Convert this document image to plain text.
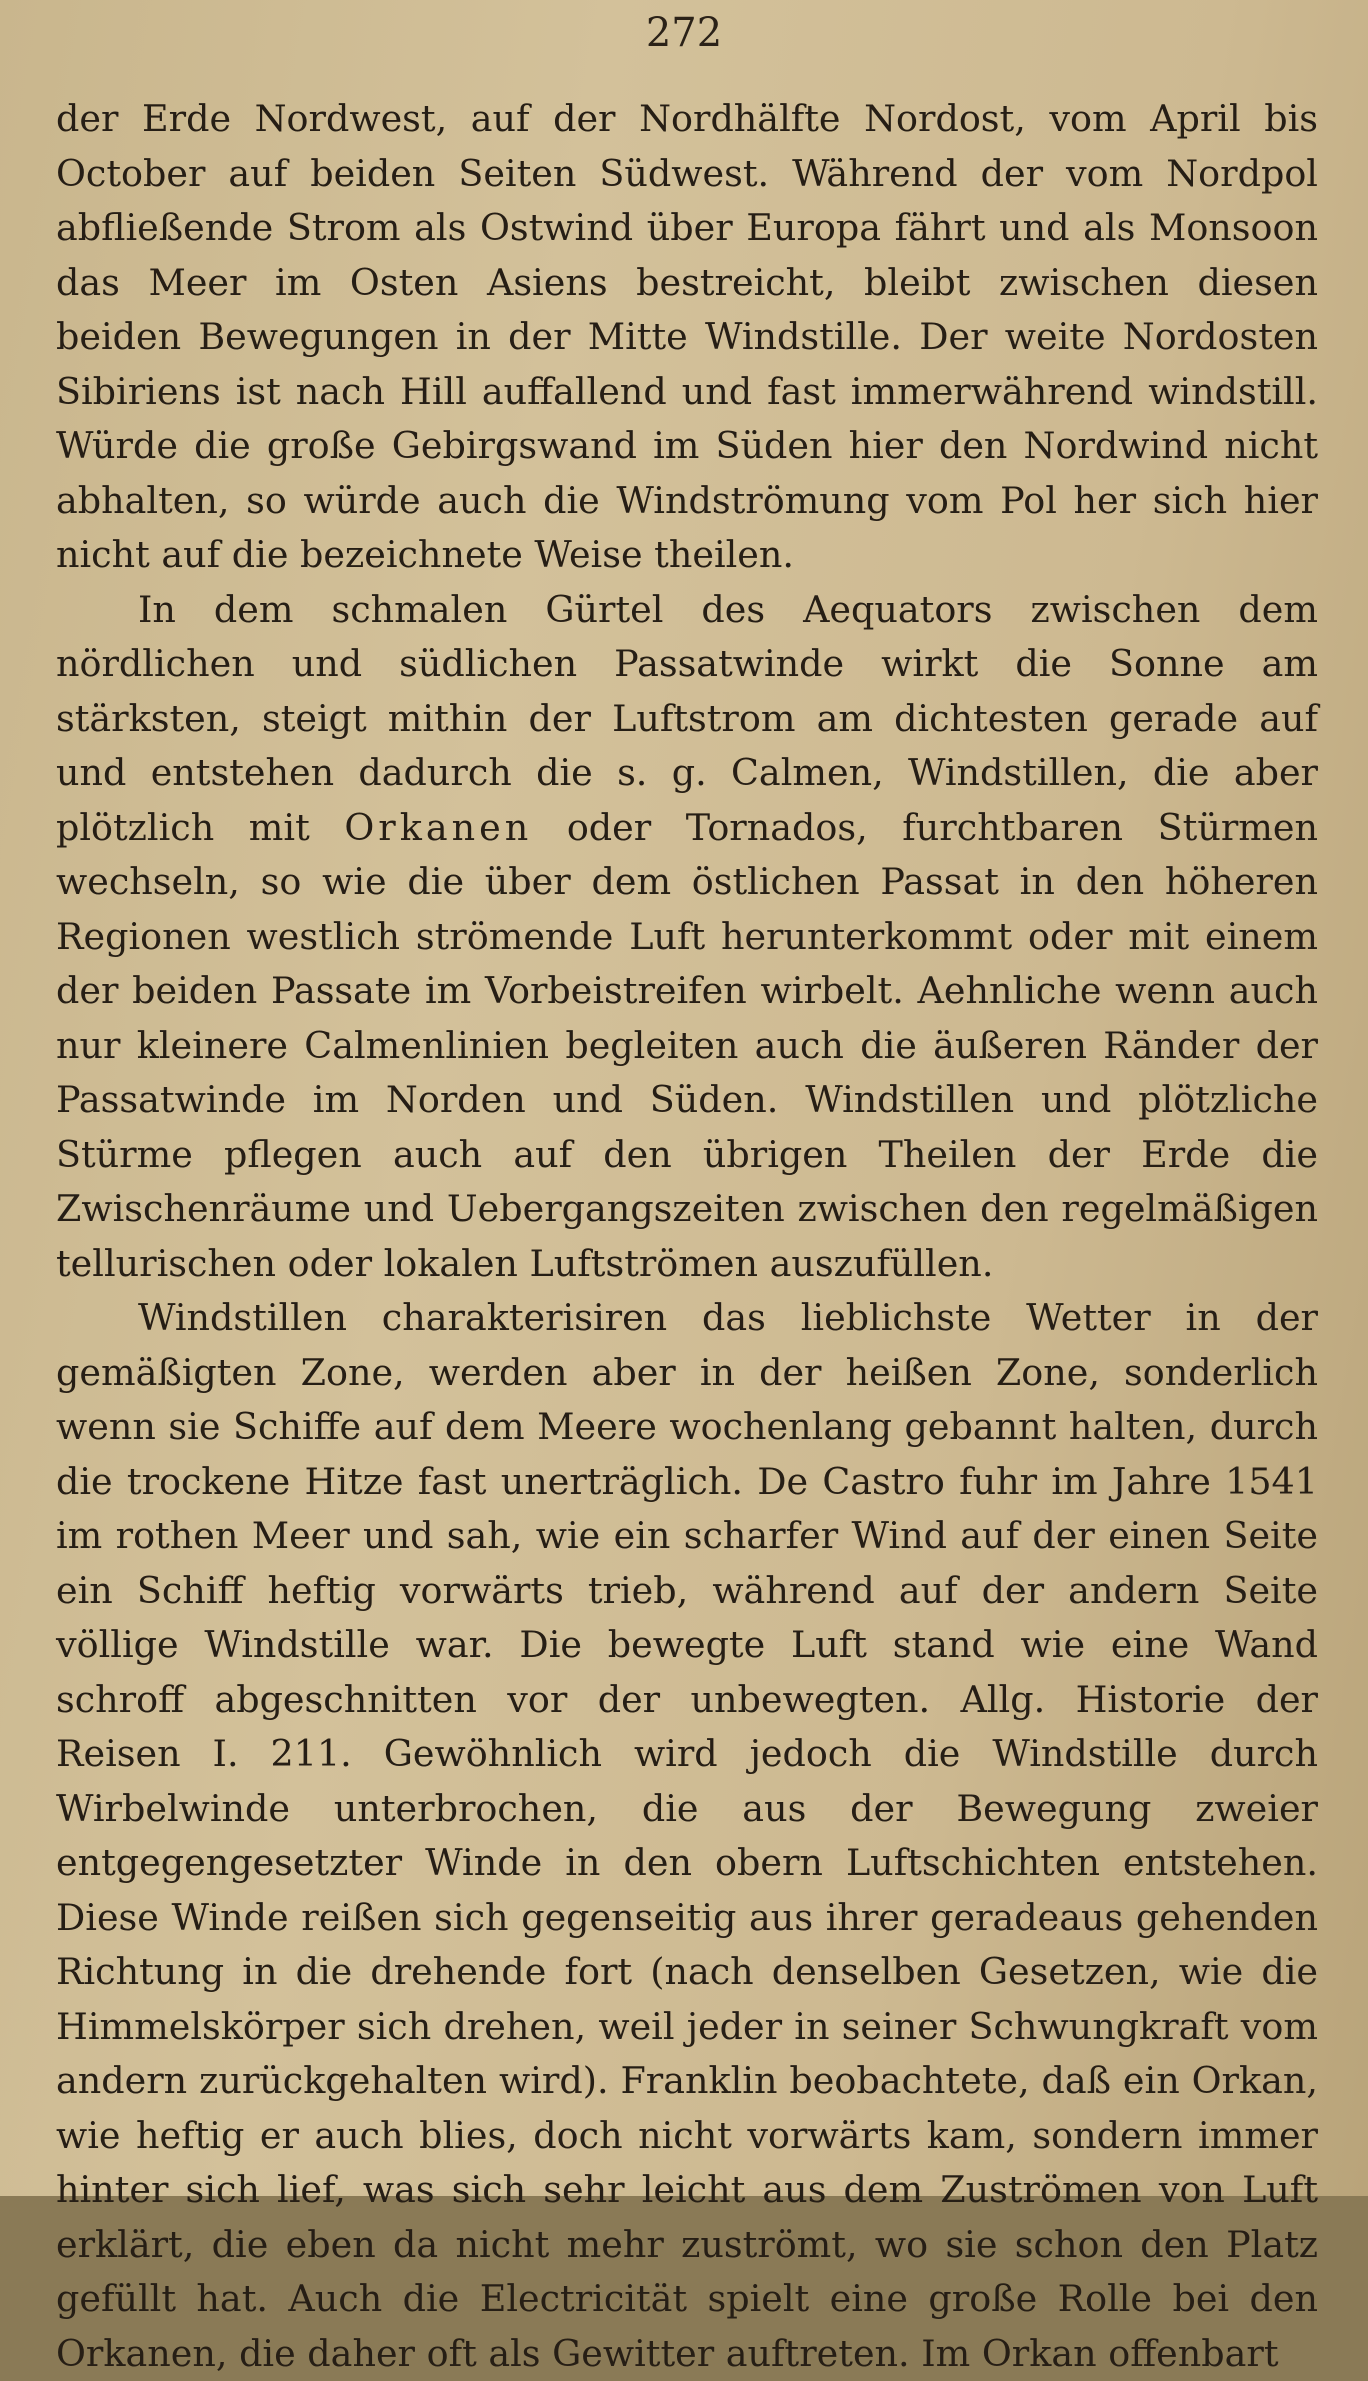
272

der Erde Nordwest, auf der Nordhälfte Nordost, vom April bis October auf beiden Seiten Südwest. Während der vom Nordpol abfließende Strom als Ostwind über Europa fährt und als Monsoon das Meer im Osten Asiens bestreicht, bleibt zwischen diesen beiden Bewegungen in der Mitte Windstille. Der weite Nordosten Sibiriens ist nach Hill auffallend und fast immerwährend windstill. Würde die große Gebirgswand im Süden hier den Nordwind nicht abhalten, so würde auch die Windströmung vom Pol her sich hier nicht auf die bezeichnete Weise theilen.

In dem schmalen Gürtel des Aequators zwischen dem nördlichen und südlichen Passatwinde wirkt die Sonne am stärksten, steigt mithin der Luftstrom am dichtesten gerade auf und entstehen dadurch die s. g. Calmen, Windstillen, die aber plötzlich mit Orkanen oder Tornados, furchtbaren Stürmen wechseln, so wie die über dem östlichen Passat in den höheren Regionen westlich strömende Luft herunterkommt oder mit einem der beiden Passate im Vorbeistreifen wirbelt. Aehnliche wenn auch nur kleinere Calmenlinien begleiten auch die äußeren Ränder der Passatwinde im Norden und Süden. Windstillen und plötzliche Stürme pflegen auch auf den übrigen Theilen der Erde die Zwischenräume und Uebergangszeiten zwischen den regelmäßigen tellurischen oder lokalen Luftströmen auszufüllen.

Windstillen charakterisiren das lieblichste Wetter in der gemäßigten Zone, werden aber in der heißen Zone, sonderlich wenn sie Schiffe auf dem Meere wochenlang gebannt halten, durch die trockene Hitze fast unerträglich. De Castro fuhr im Jahre 1541 im rothen Meer und sah, wie ein scharfer Wind auf der einen Seite ein Schiff heftig vorwärts trieb, während auf der andern Seite völlige Windstille war. Die bewegte Luft stand wie eine Wand schroff abgeschnitten vor der unbewegten. Allg. Historie der Reisen I. 211. Gewöhnlich wird jedoch die Windstille durch Wirbelwinde unterbrochen, die aus der Bewegung zweier entgegengesetzter Winde in den obern Luftschichten entstehen. Diese Winde reißen sich gegenseitig aus ihrer geradeaus gehenden Richtung in die drehende fort (nach denselben Gesetzen, wie die Himmelskörper sich drehen, weil jeder in seiner Schwungkraft vom andern zurückgehalten wird). Franklin beobachtete, daß ein Orkan, wie heftig er auch blies, doch nicht vorwärts kam, sondern immer hinter sich lief, was sich sehr leicht aus dem Zuströmen von Luft erklärt, die eben da nicht mehr zuströmt, wo sie schon den Platz gefüllt hat. Auch die Electricität spielt eine große Rolle bei den Orkanen, die daher oft als Gewitter auftreten. Im Orkan offenbart
